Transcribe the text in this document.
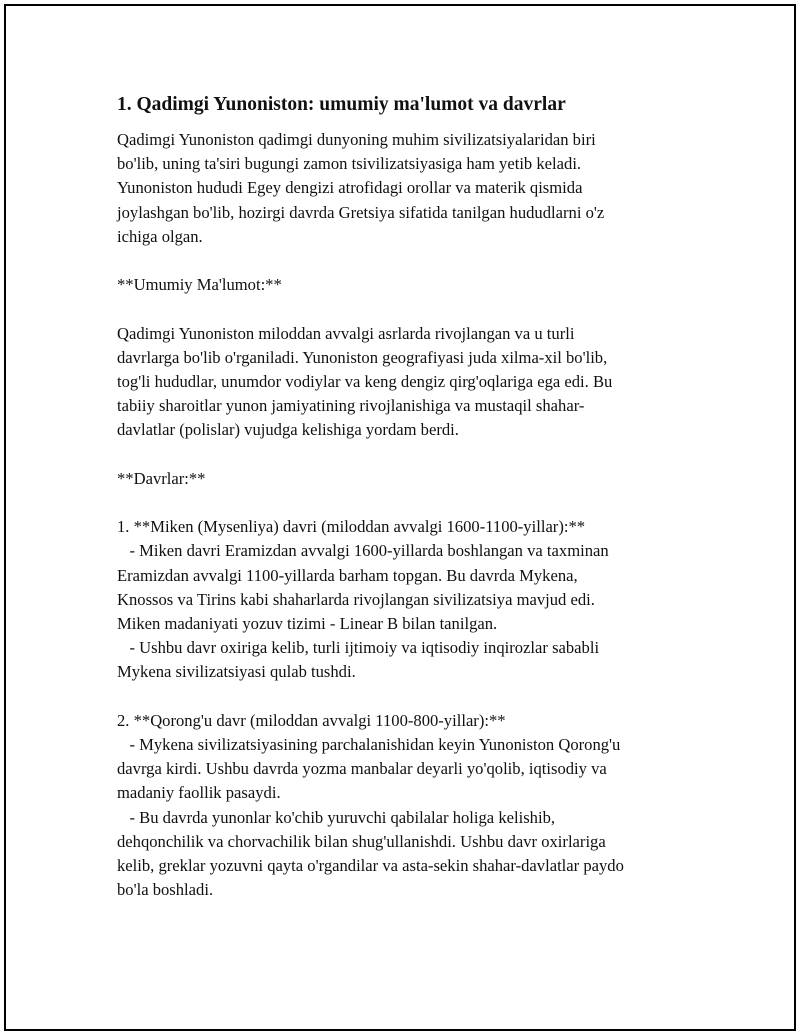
1. Qadimgi Yunoniston: umumiy ma'lumot va davrlar

Qadimgi Yunoniston qadimgi dunyoning muhim sivilizatsiyalaridan biri
bo'lib, uning ta'siri bugungi zamon tsivilizatsiyasiga ham yetib keladi.
Yunoniston hududi Egey dengizi atrofidagi orollar va materik qismida
joylashgan bo'lib, hozirgi davrda Gretsiya sifatida tanilgan hududlarni o'z
ichiga olgan.

**Umumiy Ma'lumot:**

Qadimgi Yunoniston miloddan avvalgi asrlarda rivojlangan va u turli
davrlarga bo'lib o'rganiladi. Yunoniston geografiyasi juda xilma-xil bo'lib,
tog'li hududlar, unumdor vodiylar va keng dengiz qirg'oqlariga ega edi. Bu
tabiiy sharoitlar yunon jamiyatining rivojlanishiga va mustaqil shahar-
davlatlar (polislar) vujudga kelishiga yordam berdi.

**Davrlar:**

1. **Miken (Mysenliya) davri (miloddan avvalgi 1600-1100-yillar):**
- Miken davri Eramizdan avvalgi 1600-yillarda boshlangan va taxminan
Eramizdan avvalgi 1100-yillarda barham topgan. Bu davrda Mykena,
Knossos va Tirins kabi shaharlarda rivojlangan sivilizatsiya mavjud edi.
Miken madaniyati yozuv tizimi - Linear B bilan tanilgan.
- Ushbu davr oxiriga kelib, turli ijtimoiy va iqtisodiy inqirozlar sababli
Mykena sivilizatsiyasi qulab tushdi.

2. **Qorong'u davr (miloddan avvalgi 1100-800-yillar):**
- Mykena sivilizatsiyasining parchalanishidan keyin Yunoniston Qorong'u
davrga kirdi. Ushbu davrda yozma manbalar deyarli yo'qolib, iqtisodiy va
madaniy faollik pasaydi.
- Bu davrda yunonlar ko'chib yuruvchi qabilalar holiga kelishib,
dehqonchilik va chorvachilik bilan shug'ullanishdi. Ushbu davr oxirlariga
kelib, greklar yozuvni qayta o'rgandilar va asta-sekin shahar-davlatlar paydo
bo'la boshladi.
